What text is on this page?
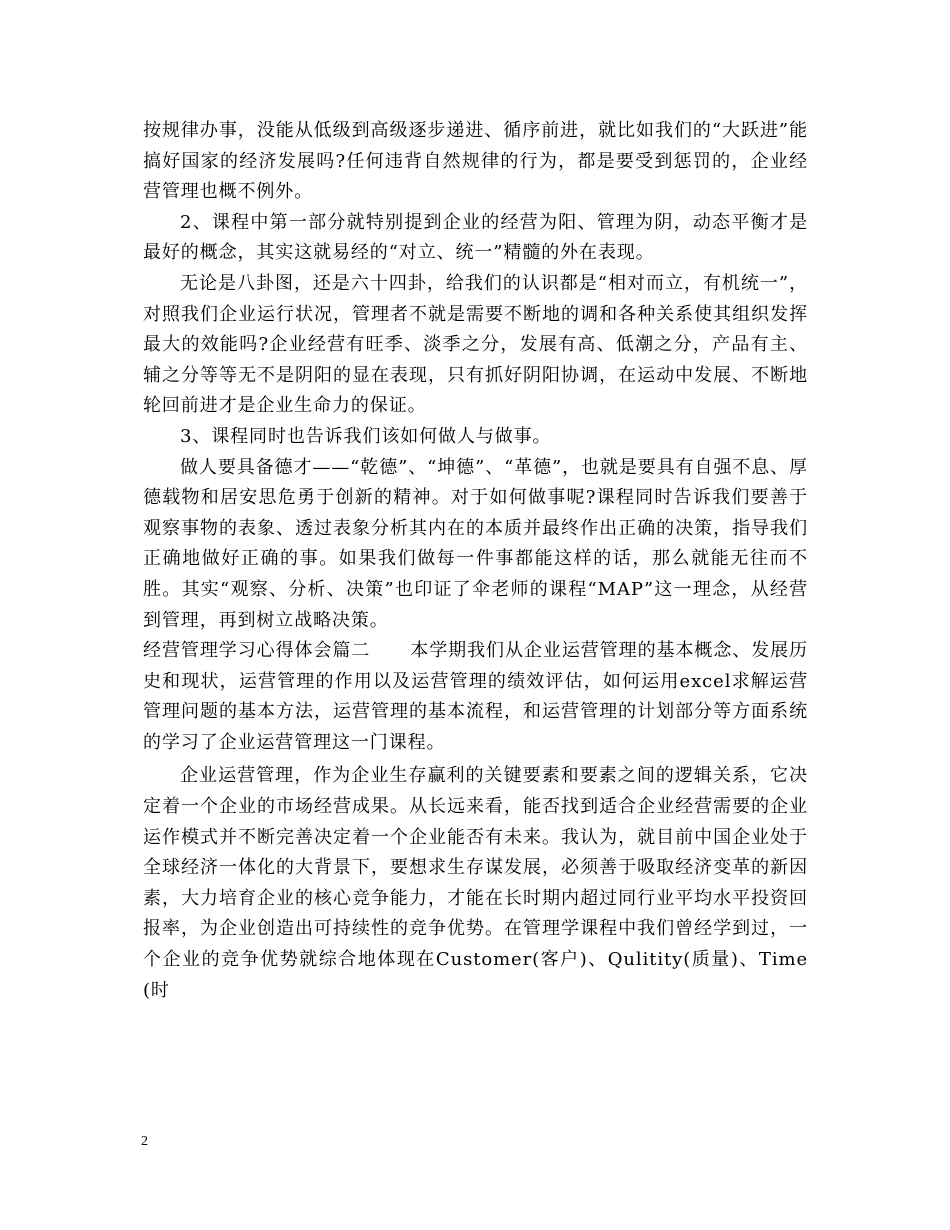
按规律办事，没能从低级到高级逐步递进、循序前进，就比如我们的“大跃进”能搞好国家的经济发展吗?任何违背自然规律的行为，都是要受到惩罚的，企业经营管理也概不例外。

2、课程中第一部分就特别提到企业的经营为阳、管理为阴，动态平衡才是最好的概念，其实这就易经的“对立、统一”精髓的外在表现。

无论是八卦图，还是六十四卦，给我们的认识都是“相对而立，有机统一”，对照我们企业运行状况，管理者不就是需要不断地的调和各种关系使其组织发挥最大的效能吗?企业经营有旺季、淡季之分，发展有高、低潮之分，产品有主、辅之分等等无不是阴阳的显在表现，只有抓好阴阳协调，在运动中发展、不断地轮回前进才是企业生命力的保证。

3、课程同时也告诉我们该如何做人与做事。

做人要具备德才——“乾德”、“坤德”、“革德”，也就是要具有自强不息、厚德载物和居安思危勇于创新的精神。对于如何做事呢?课程同时告诉我们要善于观察事物的表象、透过表象分析其内在的本质并最终作出正确的决策，指导我们正确地做好正确的事。如果我们做每一件事都能这样的话，那么就能无往而不胜。其实“观察、分析、决策”也印证了伞老师的课程“MAP”这一理念，从经营到管理，再到树立战略决策。

经营管理学习心得体会篇二 本学期我们从企业运营管理的基本概念、发展历史和现状，运营管理的作用以及运营管理的绩效评估，如何运用excel求解运营管理问题的基本方法，运营管理的基本流程，和运营管理的计划部分等方面系统的学习了企业运营管理这一门课程。

企业运营管理，作为企业生存赢利的关键要素和要素之间的逻辑关系，它决定着一个企业的市场经营成果。从长远来看，能否找到适合企业经营需要的企业运作模式并不断完善决定着一个企业能否有未来。我认为，就目前中国企业处于全球经济一体化的大背景下，要想求生存谋发展，必须善于吸取经济变革的新因素，大力培育企业的核心竞争能力，才能在长时期内超过同行业平均水平投资回报率，为企业创造出可持续性的竞争优势。在管理学课程中我们曾经学到过，一个企业的竞争优势就综合地体现在Customer(客户)、Qulitity(质量)、Time(时

2
